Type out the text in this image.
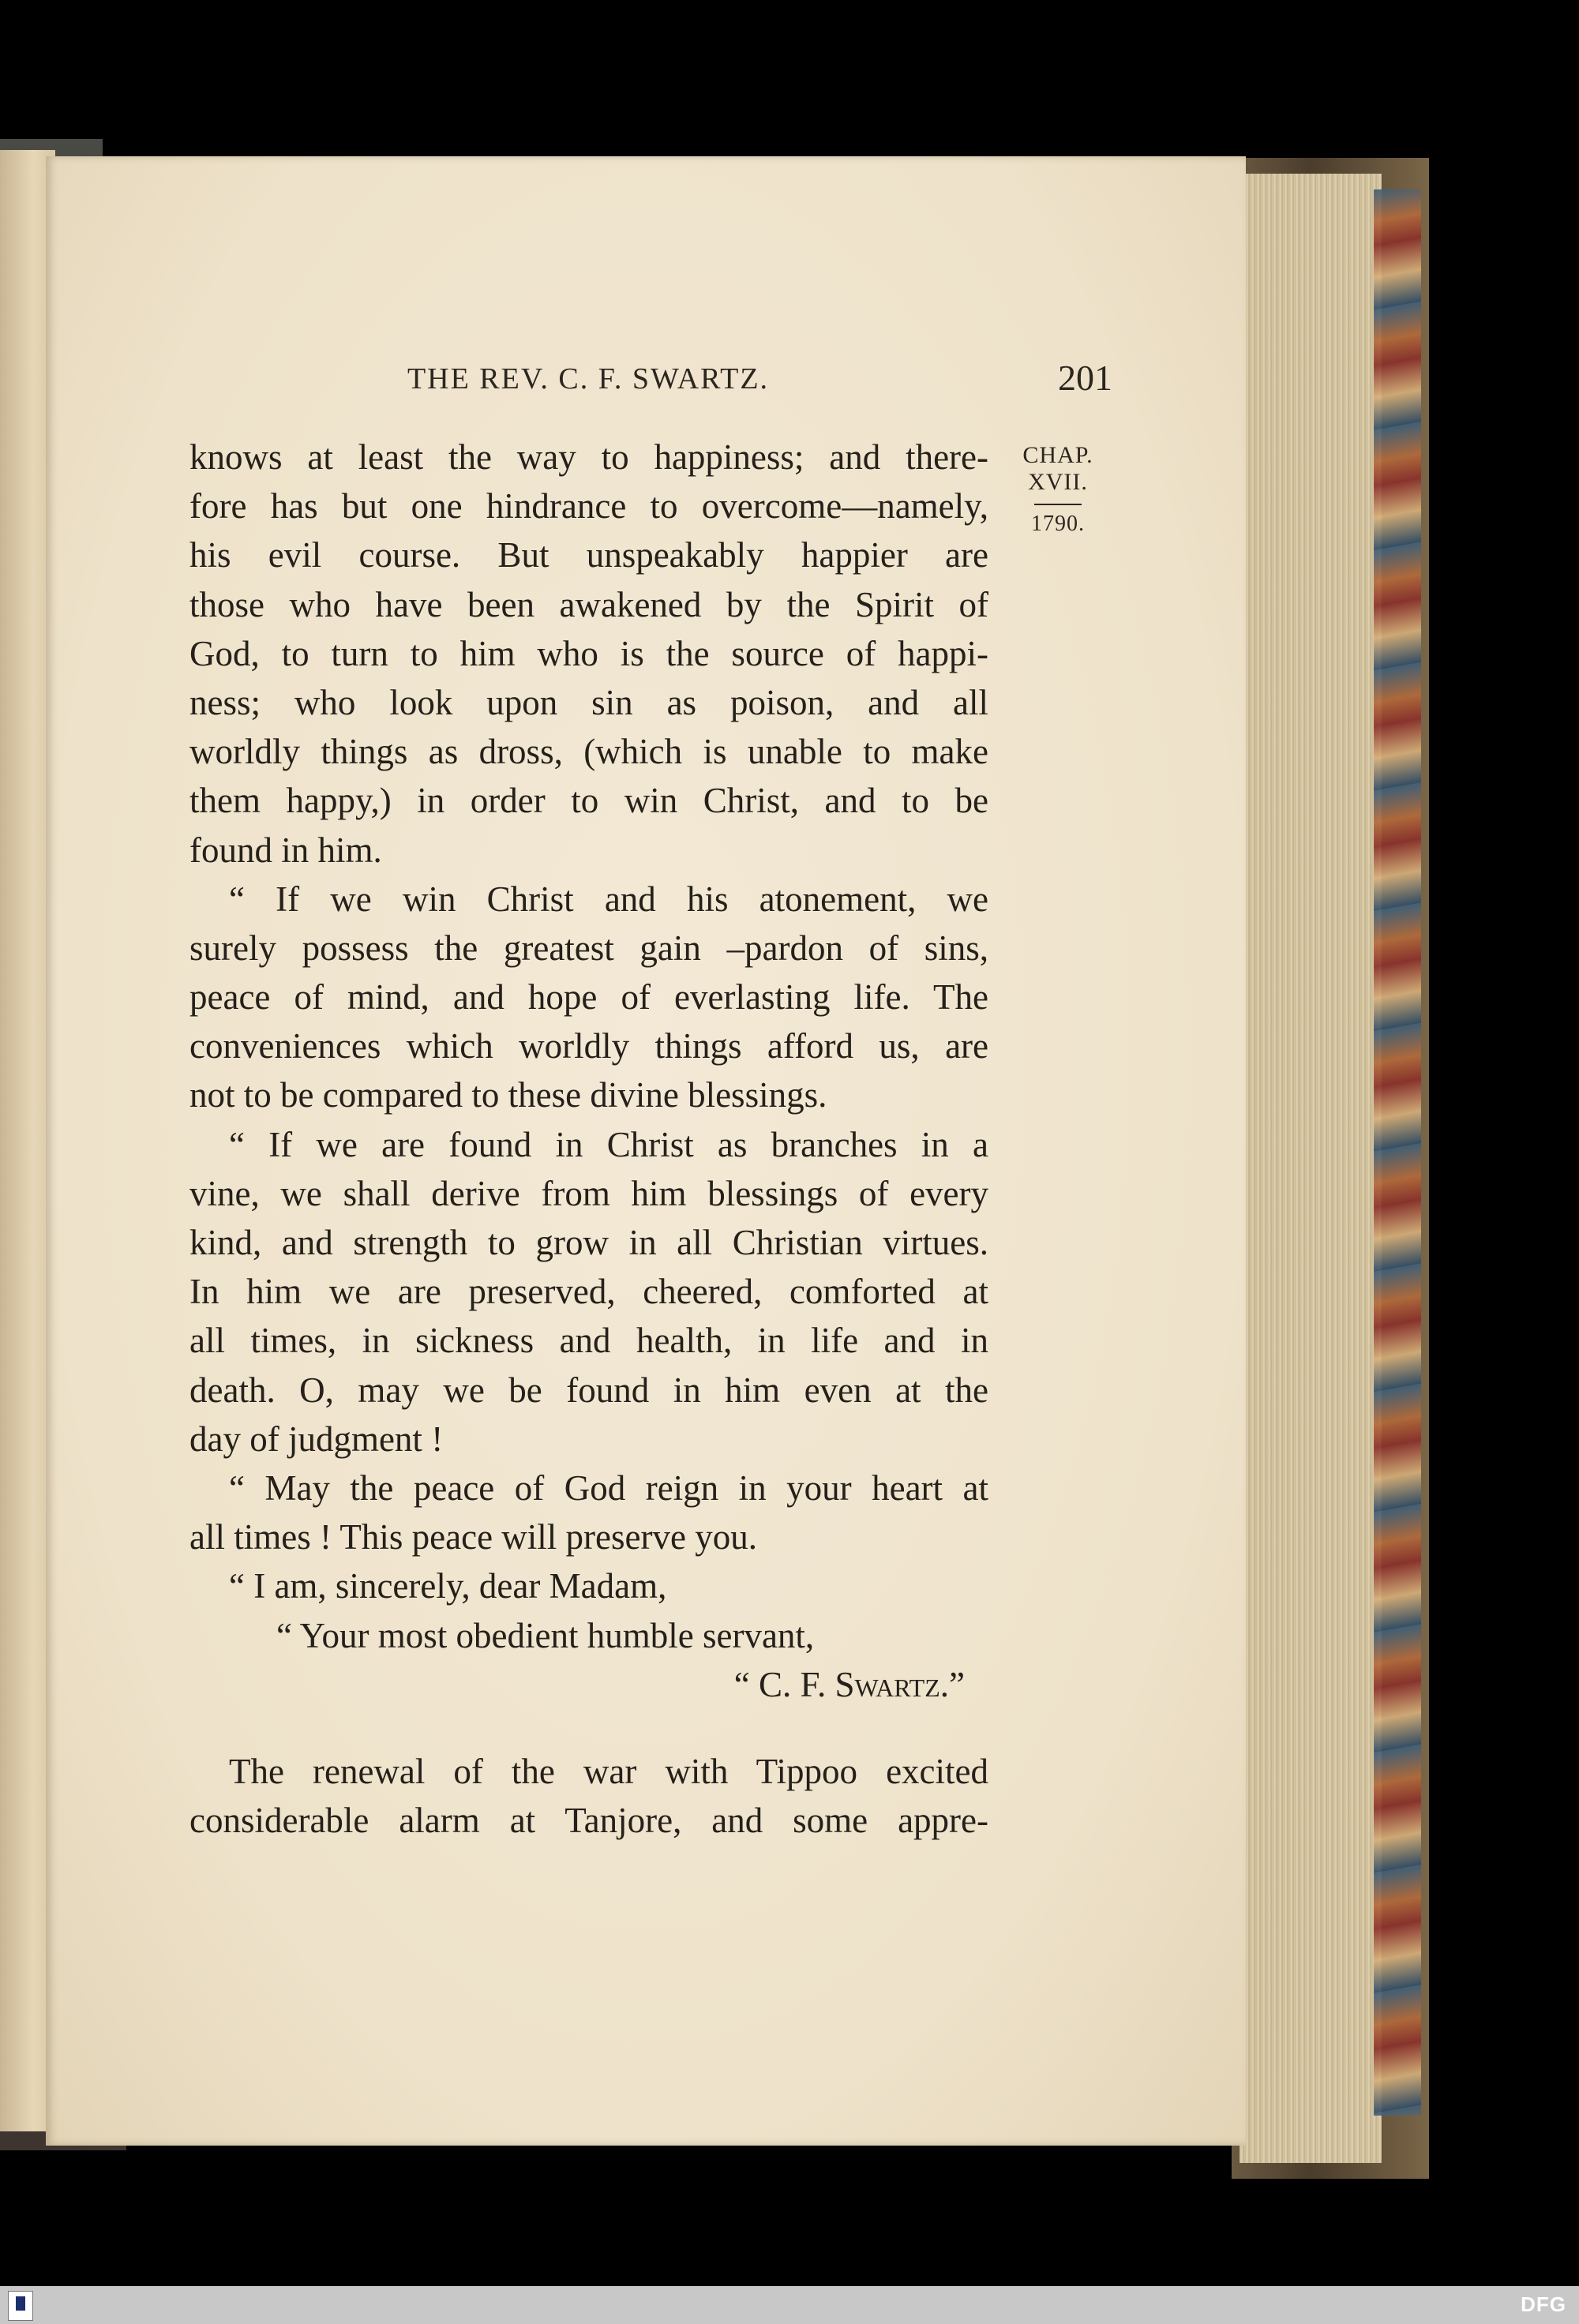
THE REV. C. F. SWARTZ.	201
CHAP.
XVII.
1790.
knows at least the way to happiness; and there-
fore has but one hindrance to overcome—namely,
his evil course. But unspeakably happier are
those who have been awakened by the Spirit of
God, to turn to him who is the source of happi-
ness; who look upon sin as poison, and all
worldly things as dross, (which is unable to make
them happy,) in order to win Christ, and to be
found in him.
“ If we win Christ and his atonement, we
surely possess the greatest gain –pardon of sins,
peace of mind, and hope of everlasting life. The
conveniences which worldly things afford us, are
not to be compared to these divine blessings.
“ If we are found in Christ as branches in a
vine, we shall derive from him blessings of every
kind, and strength to grow in all Christian virtues.
In him we are preserved, cheered, comforted at
all times, in sickness and health, in life and in
death. O, may we be found in him even at the
day of judgment !
“ May the peace of God reign in your heart at
all times ! This peace will preserve you.
“ I am, sincerely, dear Madam,
“ Your most obedient humble servant,
“ C. F. Swartz.”
The renewal of the war with Tippoo excited
considerable alarm at Tanjore, and some appre-
DFG
